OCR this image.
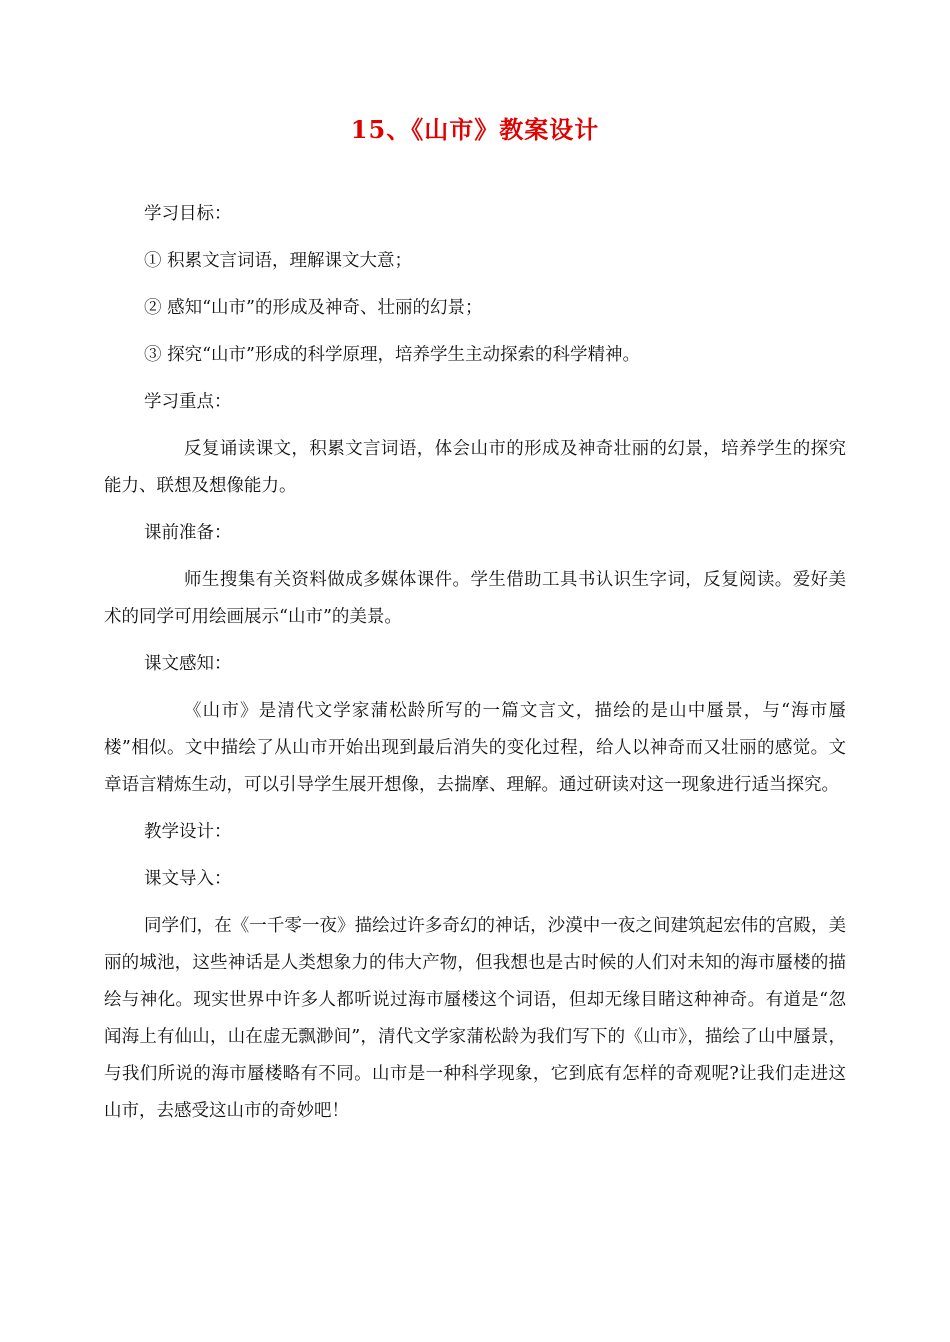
15、《山市》教案设计

学习目标：

① 积累文言词语，理解课文大意；

② 感知“山市”的形成及神奇、壮丽的幻景；

③ 探究“山市”形成的科学原理，培养学生主动探索的科学精神。

学习重点：

反复诵读课文，积累文言词语，体会山市的形成及神奇壮丽的幻景，培养学生的探究能力、联想及想像能力。

课前准备：

师生搜集有关资料做成多媒体课件。学生借助工具书认识生字词，反复阅读。爱好美术的同学可用绘画展示“山市”的美景。

课文感知：

《山市》是清代文学家蒲松龄所写的一篇文言文，描绘的是山中蜃景，与“海市蜃楼”相似。文中描绘了从山市开始出现到最后消失的变化过程，给人以神奇而又壮丽的感觉。文章语言精炼生动，可以引导学生展开想像，去揣摩、理解。通过研读对这一现象进行适当探究。

教学设计：

课文导入：

同学们，在《一千零一夜》描绘过许多奇幻的神话，沙漠中一夜之间建筑起宏伟的宫殿，美丽的城池，这些神话是人类想象力的伟大产物，但我想也是古时候的人们对未知的海市蜃楼的描绘与神化。现实世界中许多人都听说过海市蜃楼这个词语，但却无缘目睹这种神奇。有道是“忽闻海上有仙山，山在虚无飘渺间”，清代文学家蒲松龄为我们写下的《山市》，描绘了山中蜃景，与我们所说的海市蜃楼略有不同。山市是一种科学现象，它到底有怎样的奇观呢?让我们走进这山市，去感受这山市的奇妙吧！
